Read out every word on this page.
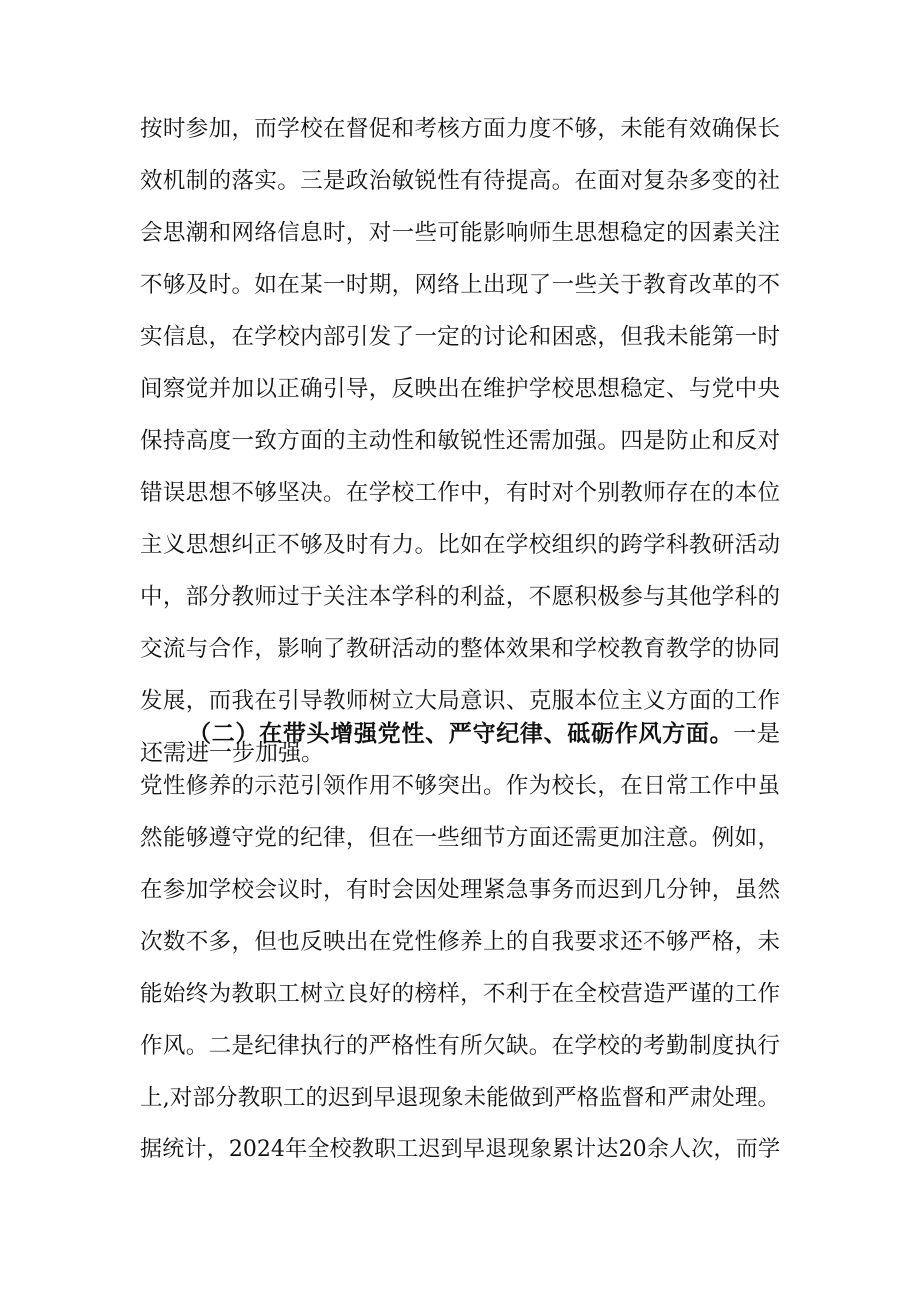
按时参加，而学校在督促和考核方面力度不够，未能有效确保长
效机制的落实。三是政治敏锐性有待提高。在面对复杂多变的社
会思潮和网络信息时，对一些可能影响师生思想稳定的因素关注
不够及时。如在某一时期，网络上出现了一些关于教育改革的不
实信息，在学校内部引发了一定的讨论和困惑，但我未能第一时
间察觉并加以正确引导，反映出在维护学校思想稳定、与党中央
保持高度一致方面的主动性和敏锐性还需加强。四是防止和反对
错误思想不够坚决。在学校工作中，有时对个别教师存在的本位
主义思想纠正不够及时有力。比如在学校组织的跨学科教研活动
中，部分教师过于关注本学科的利益，不愿积极参与其他学科的
交流与合作，影响了教研活动的整体效果和学校教育教学的协同
发展，而我在引导教师树立大局意识、克服本位主义方面的工作
还需进一步加强。
（二）在带头增强党性、严守纪律、砥砺作风方面。一是
党性修养的示范引领作用不够突出。作为校长，在日常工作中虽
然能够遵守党的纪律，但在一些细节方面还需更加注意。例如，
在参加学校会议时，有时会因处理紧急事务而迟到几分钟，虽然
次数不多，但也反映出在党性修养上的自我要求还不够严格，未
能始终为教职工树立良好的榜样，不利于在全校营造严谨的工作
作风。二是纪律执行的严格性有所欠缺。在学校的考勤制度执行
上,对部分教职工的迟到早退现象未能做到严格监督和严肃处理。
据统计，2024年全校教职工迟到早退现象累计达20余人次，而学
